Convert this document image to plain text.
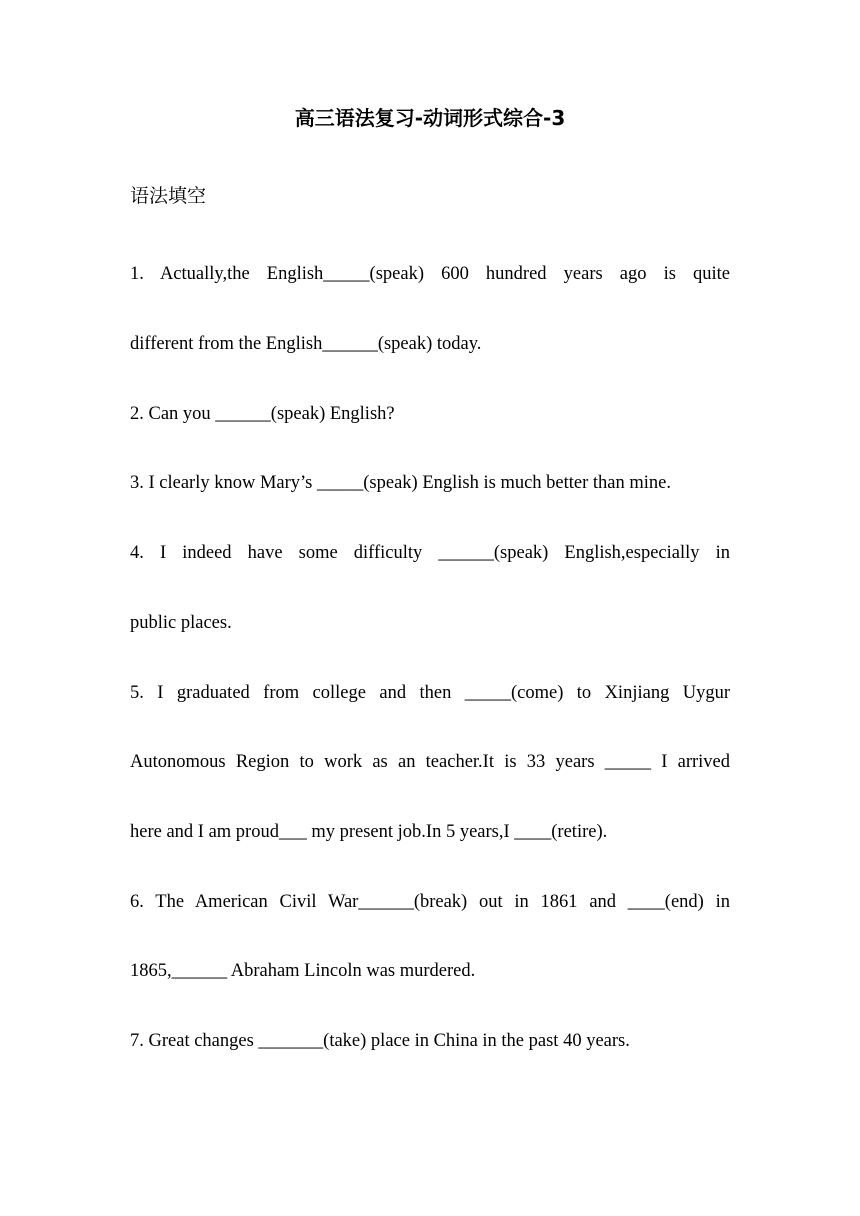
高三语法复习-动词形式综合-3
语法填空
1. Actually,the English_____(speak) 600 hundred years ago is quite
different from the English______(speak) today.
2. Can you ______(speak) English?
3. I clearly know Mary’s _____(speak) English is much better than mine.
4. I indeed have some difficulty ______(speak) English,especially in
public places.
5. I graduated from college and then _____(come) to Xinjiang Uygur
Autonomous Region to work as an teacher.It is 33 years _____ I arrived
here and I am proud___ my present job.In 5 years,I ____(retire).
6. The American Civil War______(break) out in 1861 and ____(end) in
1865,______ Abraham Lincoln was murdered.
7. Great changes _______(take) place in China in the past 40 years.
